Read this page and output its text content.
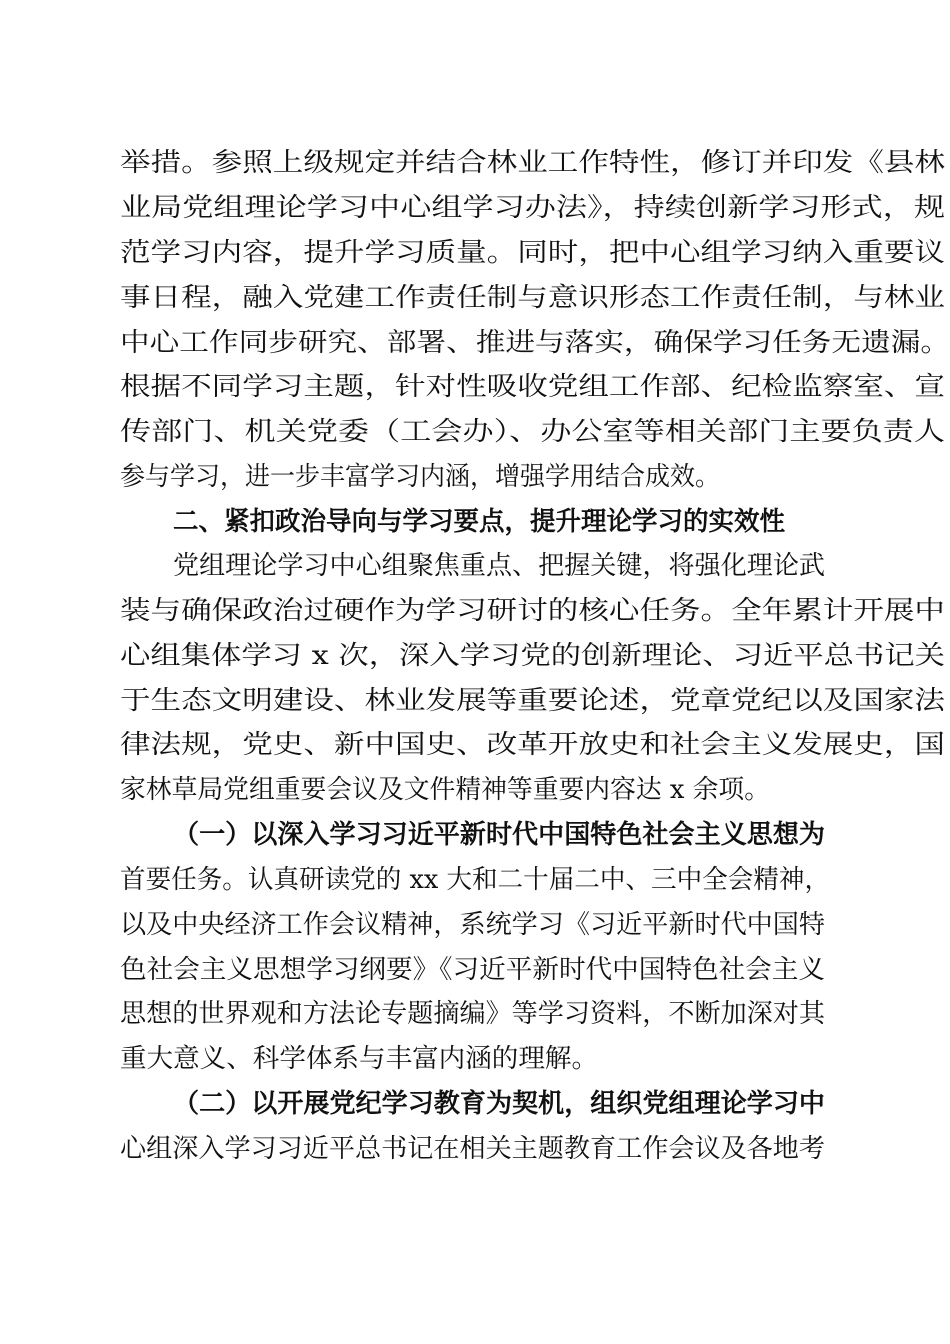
举措。参照上级规定并结合林业工作特性，修订并印发《县林
业局党组理论学习中心组学习办法》，持续创新学习形式，规
范学习内容，提升学习质量。同时，把中心组学习纳入重要议
事日程，融入党建工作责任制与意识形态工作责任制，与林业
中心工作同步研究、部署、推进与落实，确保学习任务无遗漏。
根据不同学习主题，针对性吸收党组工作部、纪检监察室、宣
传部门、机关党委（工会办）、办公室等相关部门主要负责人
参与学习，进一步丰富学习内涵，增强学用结合成效。
二、紧扣政治导向与学习要点，提升理论学习的实效性
党组理论学习中心组聚焦重点、把握关键，将强化理论武
装与确保政治过硬作为学习研讨的核心任务。全年累计开展中
心组集体学习 x 次，深入学习党的创新理论、习近平总书记关
于生态文明建设、林业发展等重要论述，党章党纪以及国家法
律法规，党史、新中国史、改革开放史和社会主义发展史，国
家林草局党组重要会议及文件精神等重要内容达 x 余项。
（一）以深入学习习近平新时代中国特色社会主义思想为
首要任务。认真研读党的 xx 大和二十届二中、三中全会精神，
以及中央经济工作会议精神，系统学习《习近平新时代中国特
色社会主义思想学习纲要》《习近平新时代中国特色社会主义
思想的世界观和方法论专题摘编》等学习资料，不断加深对其
重大意义、科学体系与丰富内涵的理解。
（二）以开展党纪学习教育为契机，组织党组理论学习中
心组深入学习习近平总书记在相关主题教育工作会议及各地考
